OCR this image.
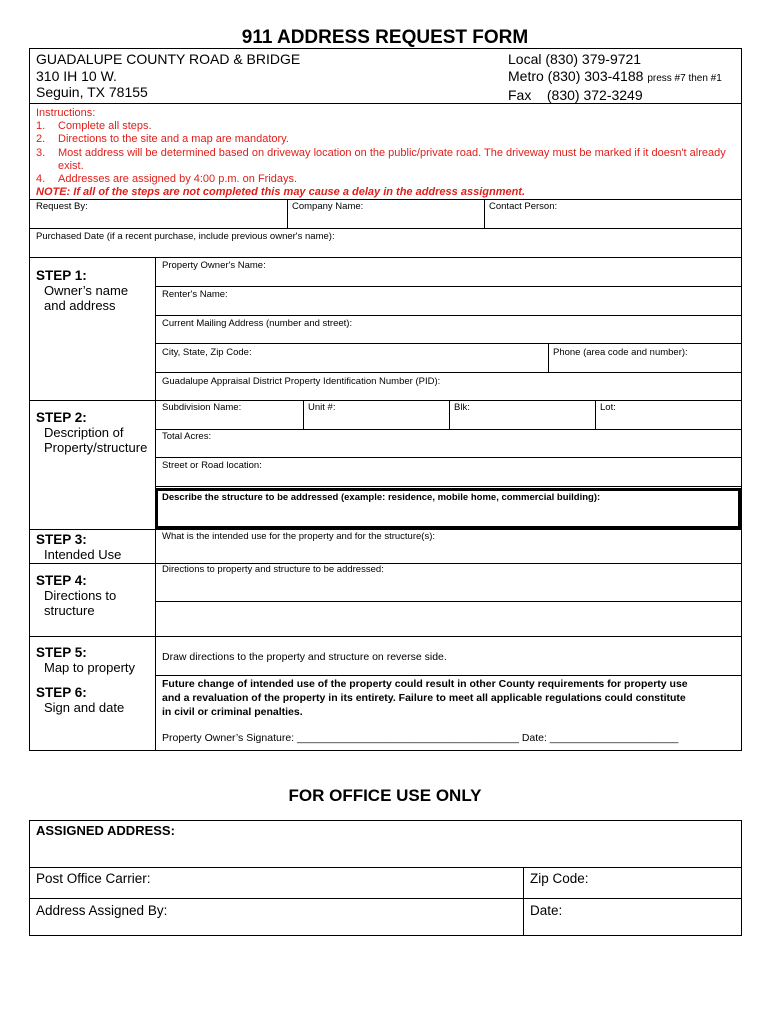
911 ADDRESS REQUEST FORM
GUADALUPE COUNTY ROAD & BRIDGE
310 IH 10 W.
Seguin, TX 78155
Local (830) 379-9721
Metro (830) 303-4188 press #7 then #1
Fax    (830) 372-3249
Instructions:
1. Complete all steps.
2. Directions to the site and a map are mandatory.
3. Most address will be determined based on driveway location on the public/private road. The driveway must be marked if it doesn't already exist.
4. Addresses are assigned by 4:00 p.m. on Fridays.
NOTE: If all of the steps are not completed this may cause a delay in the address assignment.
Request By:	Company Name:	Contact Person:
Purchased Date (if a recent purchase, include previous owner's name):
STEP 1:
Owner’s name
and address
Property Owner's Name:
Renter's Name:
Current Mailing Address (number and street):
City, State, Zip Code:	Phone (area code and number):
Guadalupe Appraisal District Property Identification Number (PID):
STEP 2:
Description of
Property/structure
Subdivision Name:	Unit #:	Blk:	Lot:
Total Acres:
Street or Road location:
Describe the structure to be addressed (example: residence, mobile home, commercial building):
STEP 3:
Intended Use
What is the intended use for the property and for the structure(s):
STEP 4:
Directions to
structure
Directions to property and structure to be addressed:
STEP 5:
Map to property
Draw directions to the property and structure on reverse side.
STEP 6:
Sign and date
Future change of intended use of the property could result in other County requirements for property use
and a revaluation of the property in its entirety. Failure to meet all applicable regulations could constitute
in civil or criminal penalties.
Property Owner’s Signature: ______________________________________ Date: ______________________
FOR OFFICE USE ONLY
ASSIGNED ADDRESS:
Post Office Carrier:	Zip Code:
Address Assigned By:	Date:
